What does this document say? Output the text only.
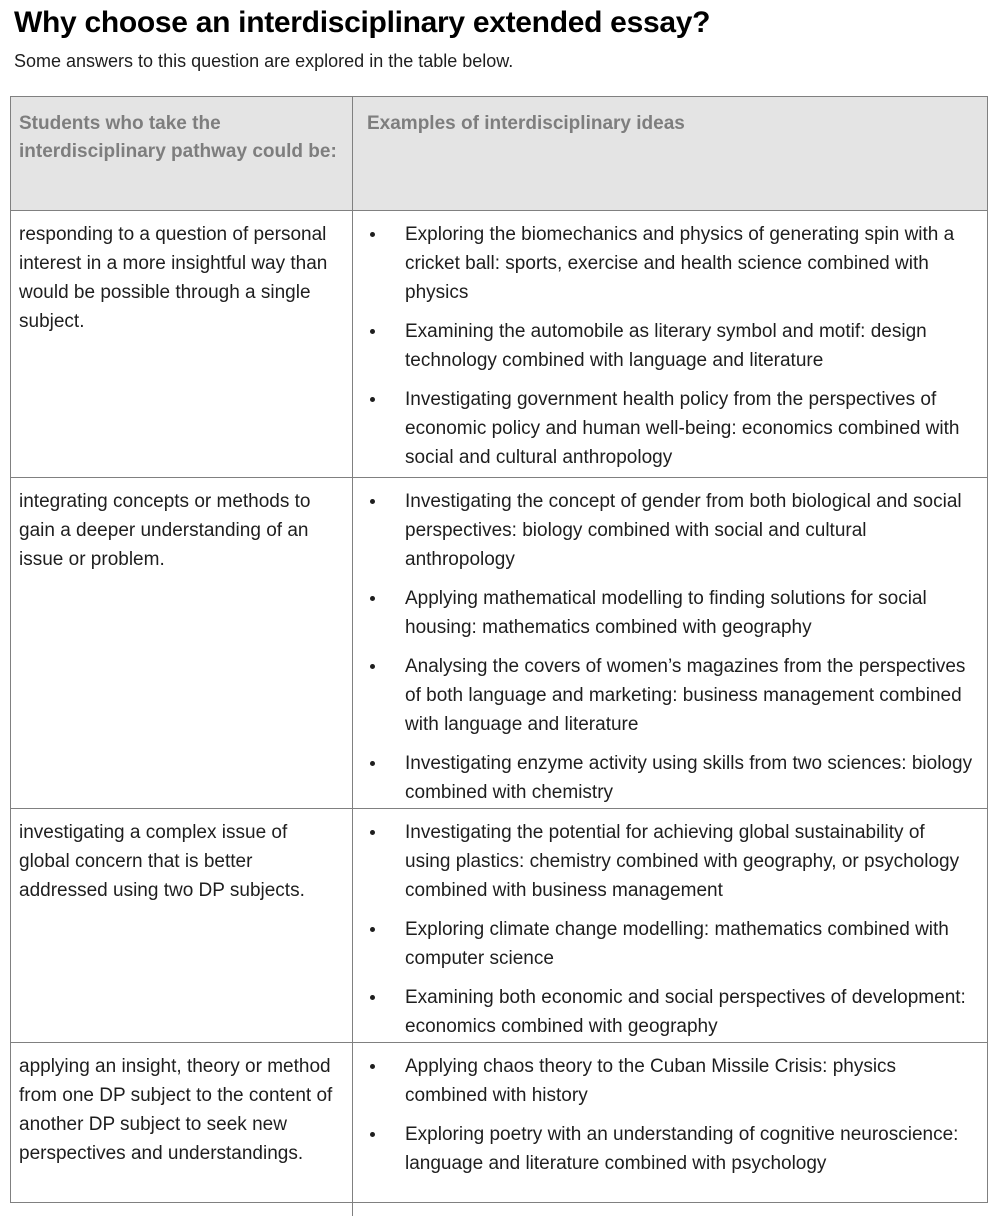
Why choose an interdisciplinary extended essay?

Some answers to this question are explored in the table below.

Students who take the interdisciplinary pathway could be:
Examples of interdisciplinary ideas
responding to a question of personal interest in a more insightful way than would be possible through a single subject.
Exploring the biomechanics and physics of generating spin with a cricket ball: sports, exercise and health science combined with physics
Examining the automobile as literary symbol and motif: design technology combined with language and literature
Investigating government health policy from the perspectives of economic policy and human well-being: economics combined with social and cultural anthropology
integrating concepts or methods to gain a deeper understanding of an issue or problem.
Investigating the concept of gender from both biological and social perspectives: biology combined with social and cultural anthropology
Applying mathematical modelling to finding solutions for social housing: mathematics combined with geography
Analysing the covers of women’s magazines from the perspectives of both language and marketing: business management combined with language and literature
Investigating enzyme activity using skills from two sciences: biology combined with chemistry
investigating a complex issue of global concern that is better addressed using two DP subjects.
Investigating the potential for achieving global sustainability of using plastics: chemistry combined with geography, or psychology combined with business management
Exploring climate change modelling: mathematics combined with computer science
Examining both economic and social perspectives of development: economics combined with geography
applying an insight, theory or method from one DP subject to the content of another DP subject to seek new perspectives and understandings.
Applying chaos theory to the Cuban Missile Crisis: physics combined with history
Exploring poetry with an understanding of cognitive neuroscience: language and literature combined with psychology
